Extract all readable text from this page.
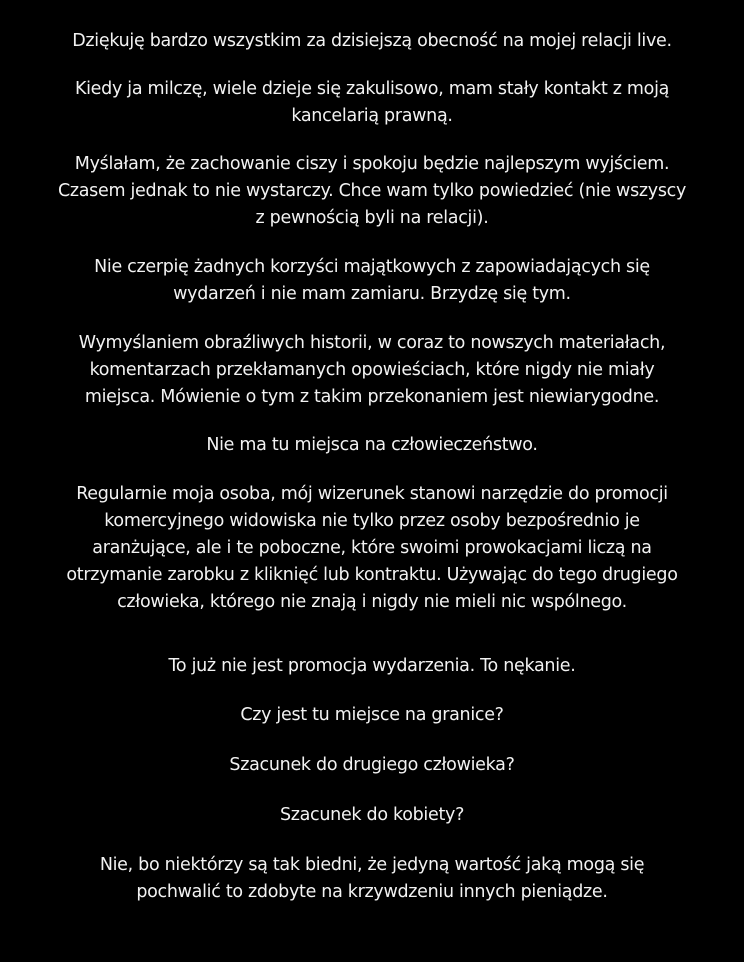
Dziękuję bardzo wszystkim za dzisiejszą obecność na mojej relacji live.
Kiedy ja milczę, wiele dzieje się zakulisowo, mam stały kontakt z moją
kancelarią prawną.
Myślałam, że zachowanie ciszy i spokoju będzie najlepszym wyjściem.
Czasem jednak to nie wystarczy. Chce wam tylko powiedzieć (nie wszyscy
z pewnością byli na relacji).
Nie czerpię żadnych korzyści majątkowych z zapowiadających się
wydarzeń i nie mam zamiaru. Brzydzę się tym.
Wymyślaniem obraźliwych historii, w coraz to nowszych materiałach,
komentarzach przekłamanych opowieściach, które nigdy nie miały
miejsca. Mówienie o tym z takim przekonaniem jest niewiarygodne.
Nie ma tu miejsca na człowieczeństwo.
Regularnie moja osoba, mój wizerunek stanowi narzędzie do promocji
komercyjnego widowiska nie tylko przez osoby bezpośrednio je
aranżujące, ale i te poboczne, które swoimi prowokacjami liczą na
otrzymanie zarobku z kliknięć lub kontraktu. Używając do tego drugiego
człowieka, którego nie znają i nigdy nie mieli nic wspólnego.
To już nie jest promocja wydarzenia. To nękanie.
Czy jest tu miejsce na granice?
Szacunek do drugiego człowieka?
Szacunek do kobiety?
Nie, bo niektórzy są tak biedni, że jedyną wartość jaką mogą się
pochwalić to zdobyte na krzywdzeniu innych pieniądze.
